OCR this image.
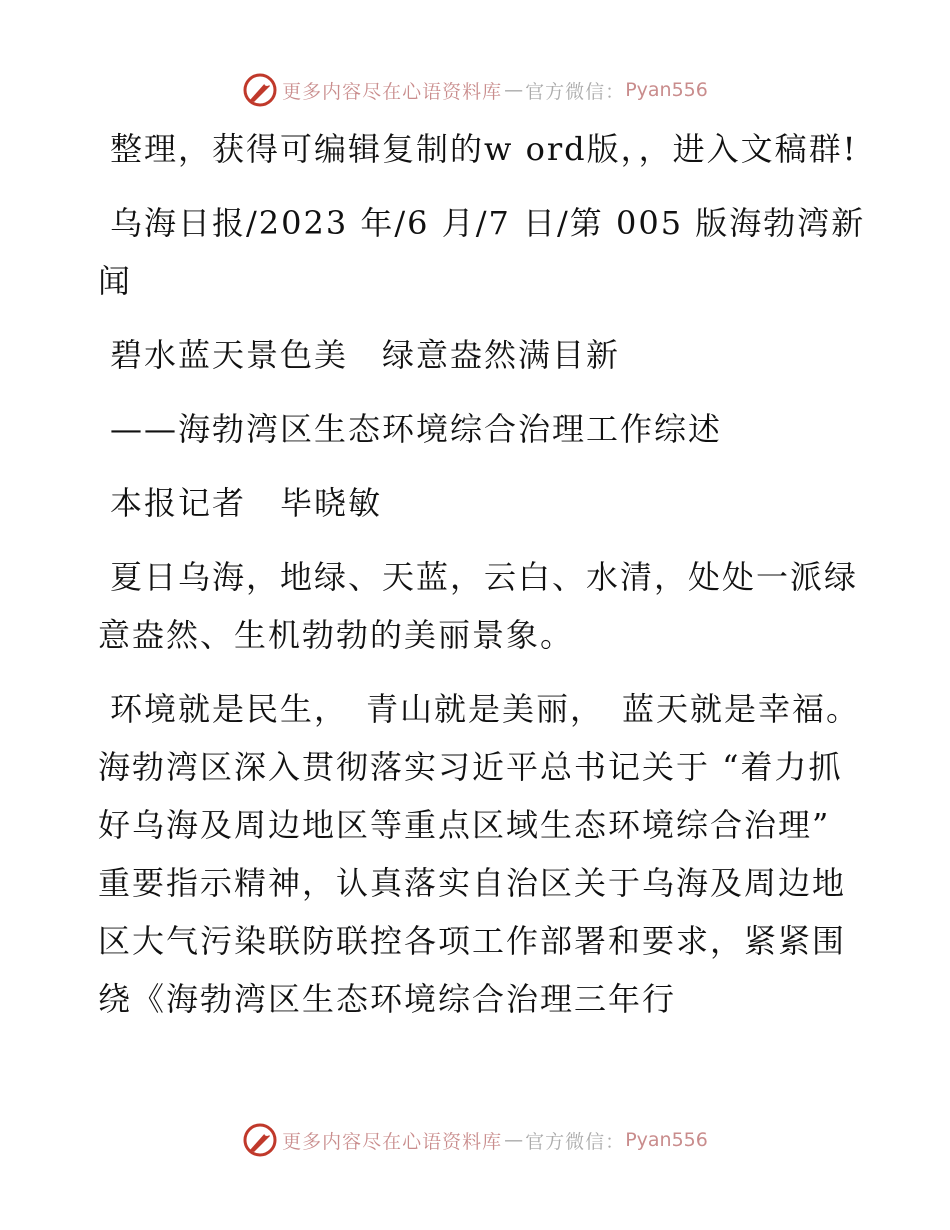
更多内容尽在心语资料库 — 官方微信： Pyan556

整理，获得可编辑复制的w ord版，，进入文稿群!

乌海日报/2023 年/6 月/7 日/第 005 版海勃湾新闻

碧水蓝天景色美　绿意盎然满目新

——海勃湾区生态环境综合治理工作综述

本报记者　毕晓敏

夏日乌海，地绿、天蓝，云白、水清，处处一派绿意盎然、生机勃勃的美丽景象。

环境就是民生，　青山就是美丽，　蓝天就是幸福。 海勃湾区深入贯彻落实习近平总书记关于 “着力抓好乌海及周边地区等重点区域生态环境综合治理” 重要指示精神，认真落实自治区关于乌海及周边地区大气污染联防联控各项工作部署和要求，紧紧围绕《海勃湾区生态环境综合治理三年行

更多内容尽在心语资料库 — 官方微信： Pyan556
